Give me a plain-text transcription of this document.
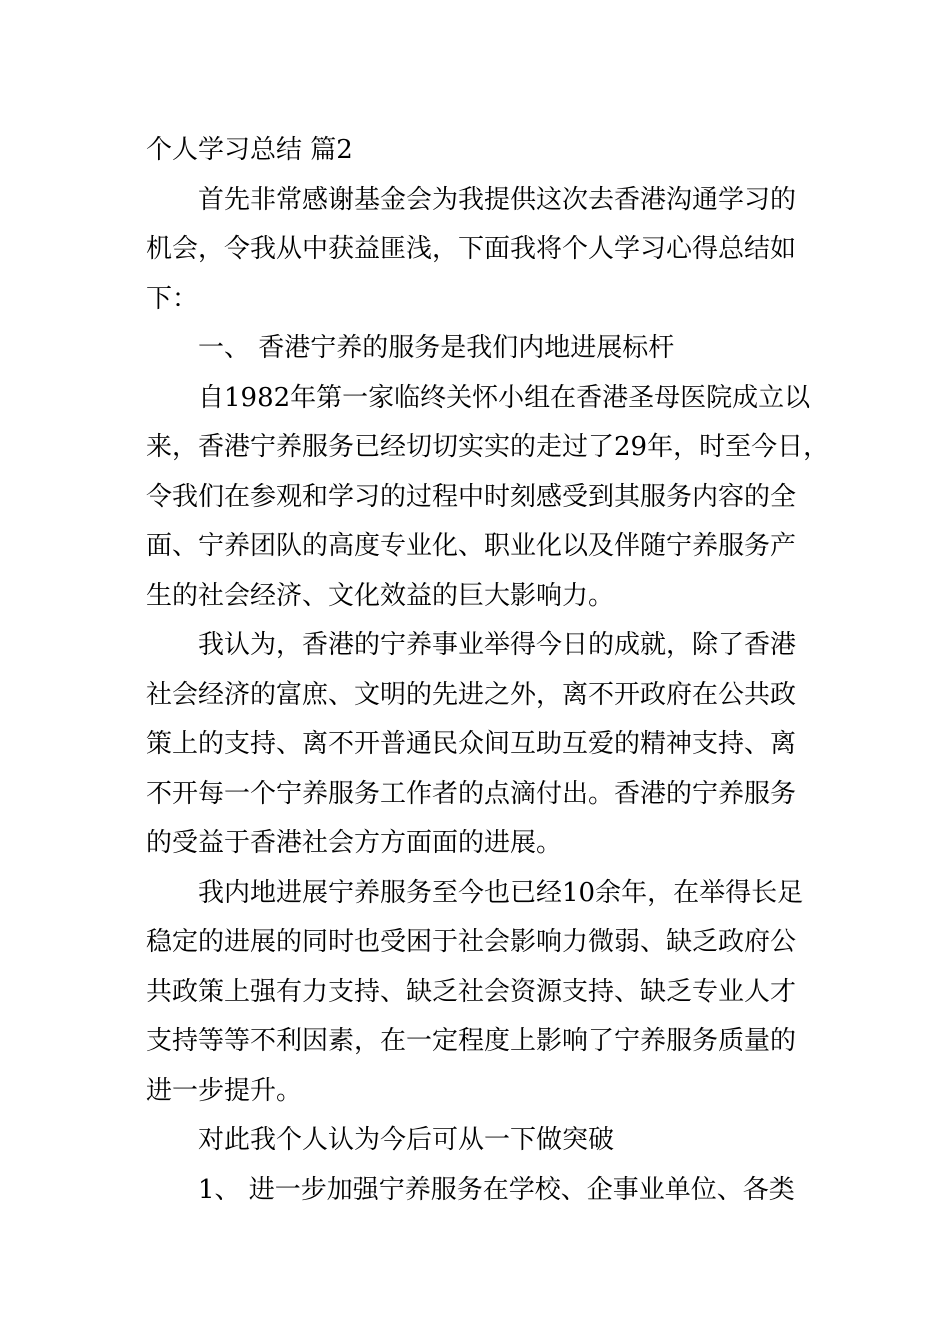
个人学习总结 篇2
首先非常感谢基金会为我提供这次去香港沟通学习的
机会，令我从中获益匪浅，下面我将个人学习心得总结如
下：
一、 香港宁养的服务是我们内地进展标杆
自1982年第一家临终关怀小组在香港圣母医院成立以
来，香港宁养服务已经切切实实的走过了29年，时至今日，
令我们在参观和学习的过程中时刻感受到其服务内容的全
面、宁养团队的高度专业化、职业化以及伴随宁养服务产
生的社会经济、文化效益的巨大影响力。
我认为，香港的宁养事业举得今日的成就，除了香港
社会经济的富庶、文明的先进之外，离不开政府在公共政
策上的支持、离不开普通民众间互助互爱的精神支持、离
不开每一个宁养服务工作者的点滴付出。香港的宁养服务
的受益于香港社会方方面面的进展。
我内地进展宁养服务至今也已经10余年，在举得长足
稳定的进展的同时也受困于社会影响力微弱、缺乏政府公
共政策上强有力支持、缺乏社会资源支持、缺乏专业人才
支持等等不利因素，在一定程度上影响了宁养服务质量的
进一步提升。
对此我个人认为今后可从一下做突破
1、 进一步加强宁养服务在学校、企事业单位、各类
